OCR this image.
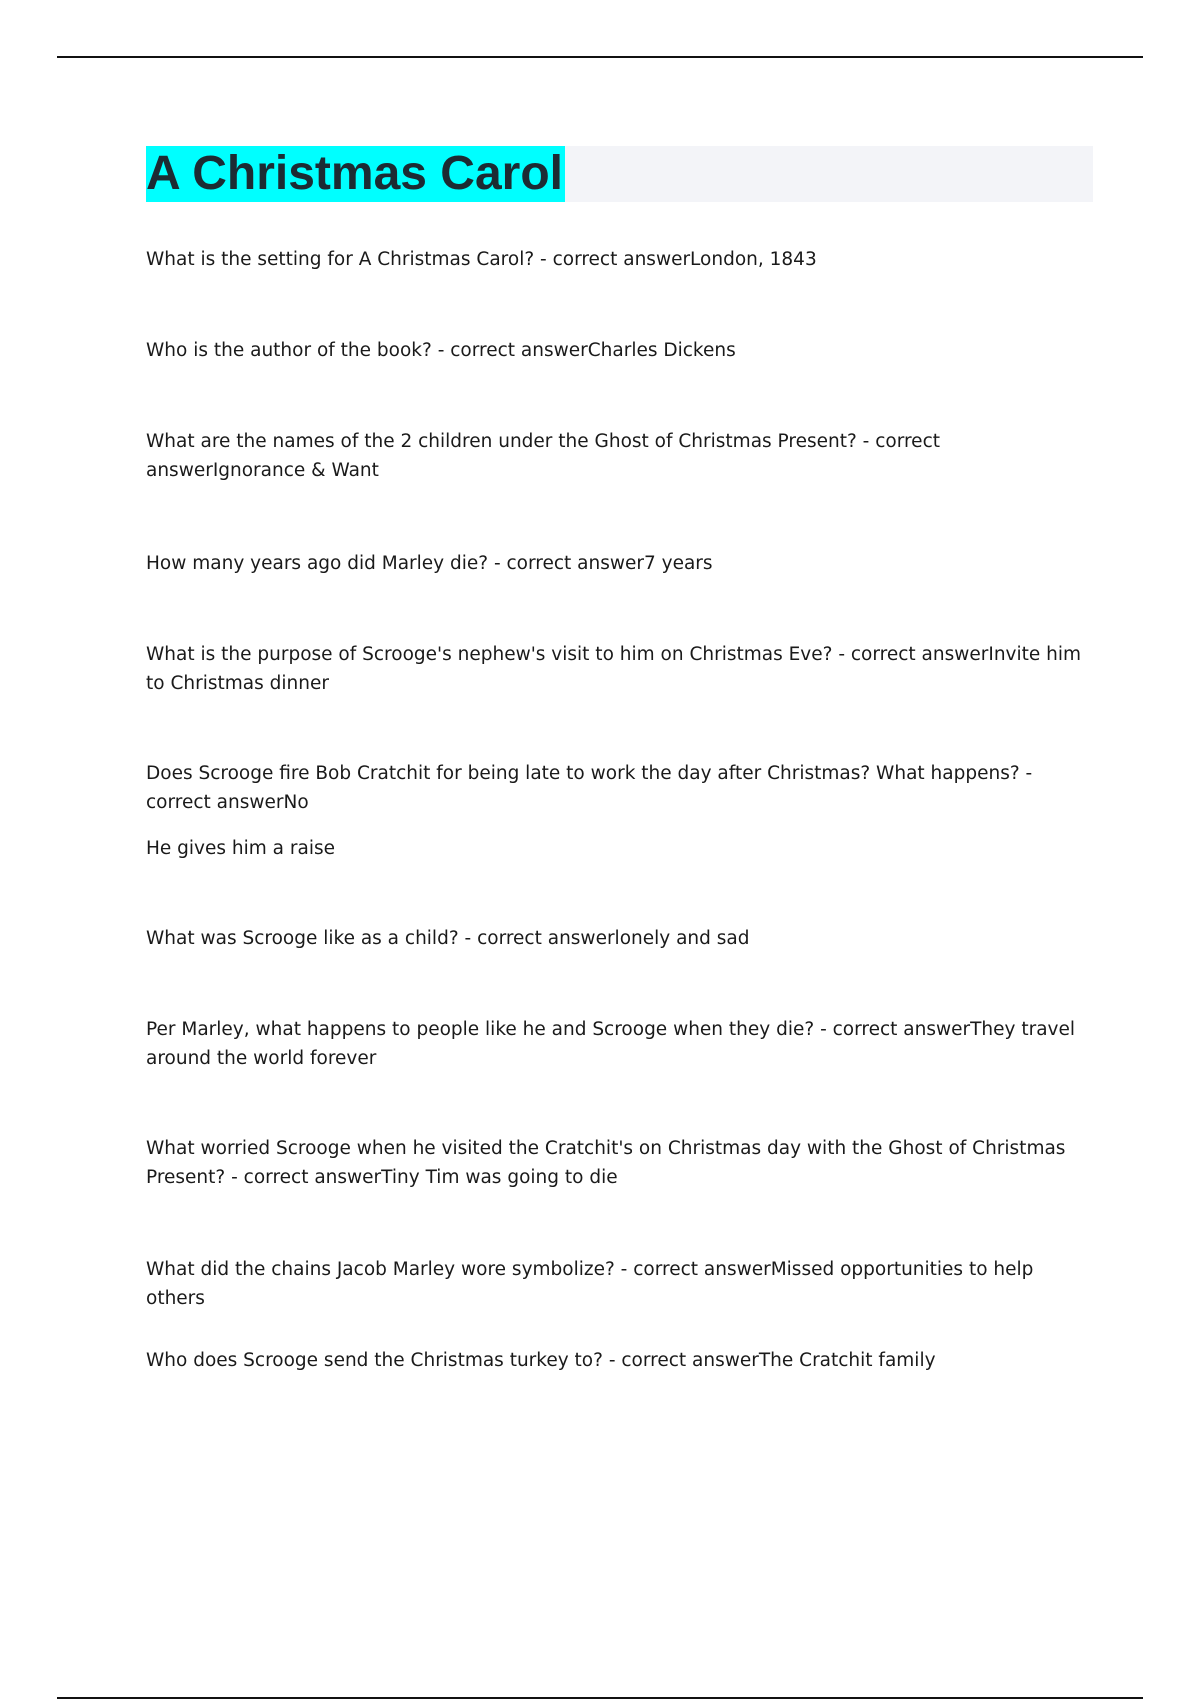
A Christmas Carol

What is the setting for A Christmas Carol? - correct answerLondon, 1843

Who is the author of the book? - correct answerCharles Dickens

What are the names of the 2 children under the Ghost of Christmas Present? - correct answerIgnorance & Want

How many years ago did Marley die? - correct answer7 years

What is the purpose of Scrooge's nephew's visit to him on Christmas Eve? - correct answerInvite him to Christmas dinner

Does Scrooge fire Bob Cratchit for being late to work the day after Christmas? What happens? - correct answerNo
He gives him a raise

What was Scrooge like as a child? - correct answerlonely and sad

Per Marley, what happens to people like he and Scrooge when they die? - correct answerThey travel around the world forever

What worried Scrooge when he visited the Cratchit's on Christmas day with the Ghost of Christmas Present? - correct answerTiny Tim was going to die

What did the chains Jacob Marley wore symbolize? - correct answerMissed opportunities to help others

Who does Scrooge send the Christmas turkey to? - correct answerThe Cratchit family
